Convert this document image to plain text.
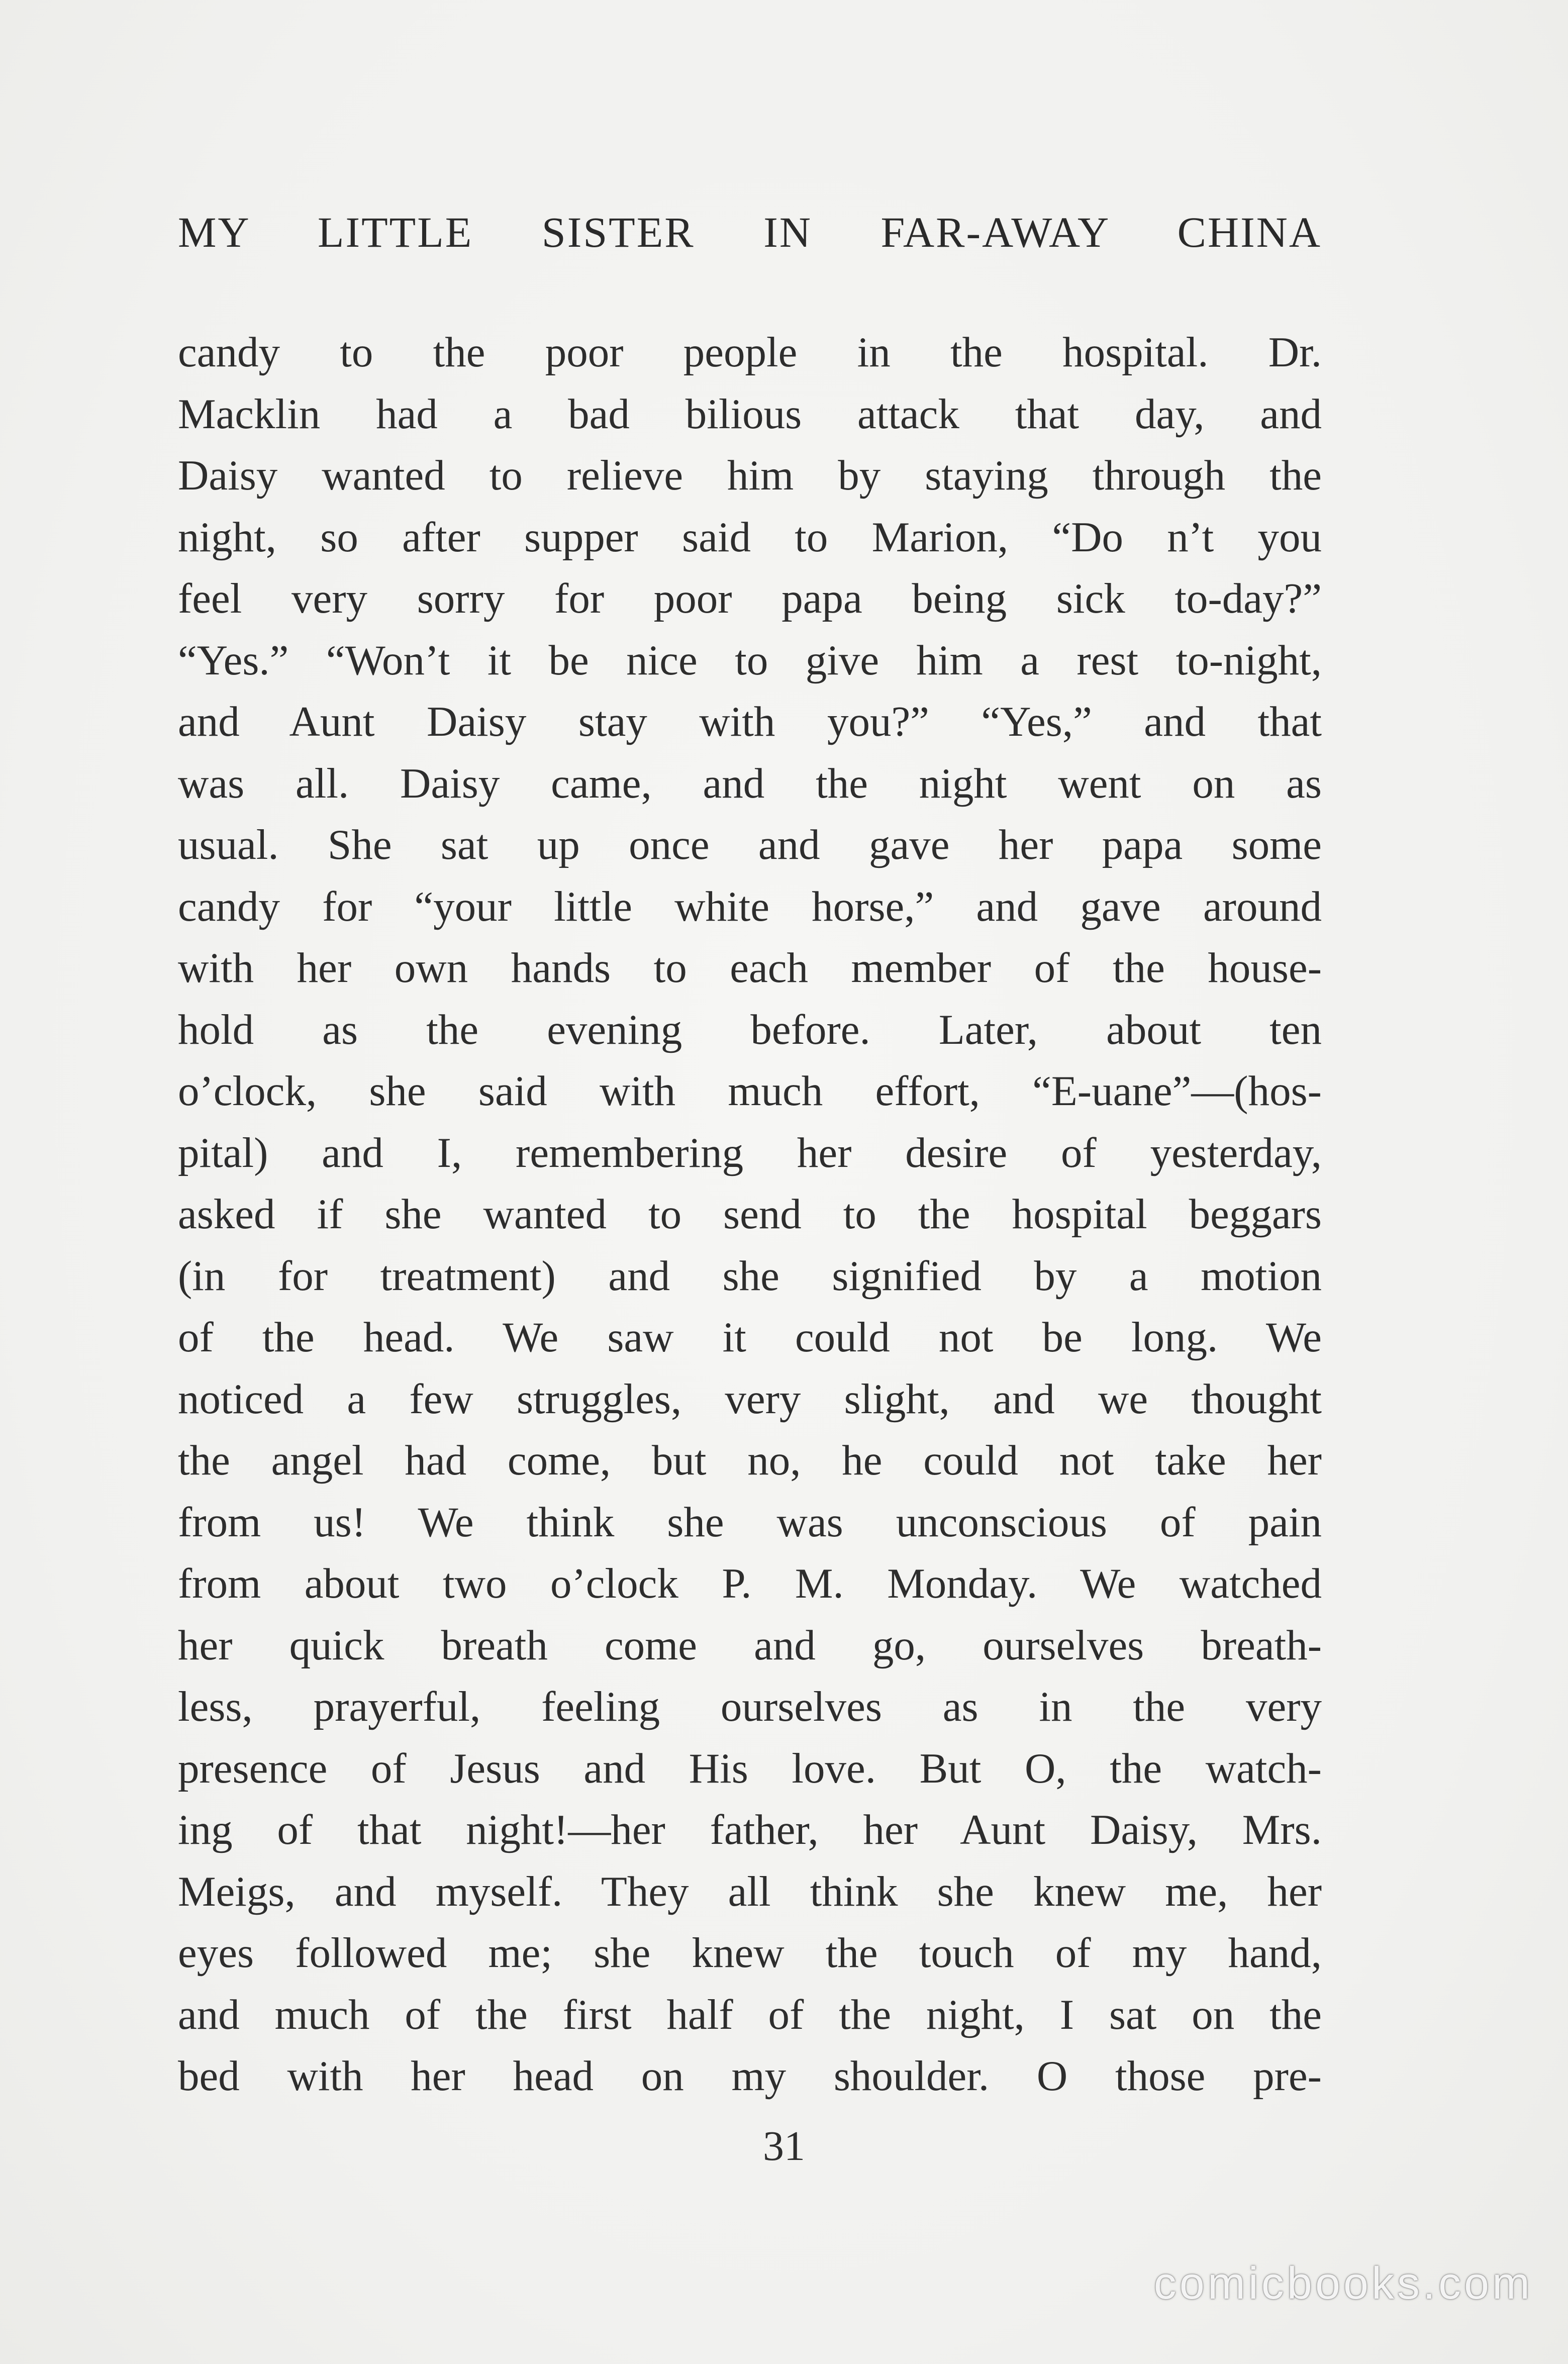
MY LITTLE SISTER IN FAR-AWAY CHINA
candy to the poor people in the hospital. Dr.
Macklin had a bad bilious attack that day, and
Daisy wanted to relieve him by staying through the
night, so after supper said to Marion, “Do n’t you
feel very sorry for poor papa being sick to-day?”
“Yes.” “Won’t it be nice to give him a rest to-night,
and Aunt Daisy stay with you?” “Yes,” and that
was all. Daisy came, and the night went on as
usual. She sat up once and gave her papa some
candy for “your little white horse,” and gave around
with her own hands to each member of the house-
hold as the evening before. Later, about ten
o’clock, she said with much effort, “E-uane”—(hos-
pital) and I, remembering her desire of yesterday,
asked if she wanted to send to the hospital beggars
(in for treatment) and she signified by a motion
of the head. We saw it could not be long. We
noticed a few struggles, very slight, and we thought
the angel had come, but no, he could not take her
from us! We think she was unconscious of pain
from about two o’clock P. M. Monday. We watched
her quick breath come and go, ourselves breath-
less, prayerful, feeling ourselves as in the very
presence of Jesus and His love. But O, the watch-
ing of that night!—her father, her Aunt Daisy, Mrs.
Meigs, and myself. They all think she knew me, her
eyes followed me; she knew the touch of my hand,
and much of the first half of the night, I sat on the
bed with her head on my shoulder. O those pre-
31
comicbooks.com
